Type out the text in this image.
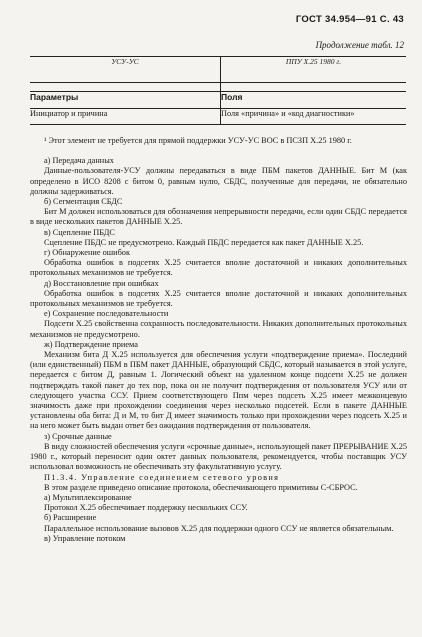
ГОСТ 34.954—91 С. 43
Продолжение табл. 12
УСУ-УС	ППУ Х.25 1980 г.

Параметры	Поля
Инициатор и причина	Поля «причина» и «код диагностики»

¹ Этот элемент не требуется для прямой поддержки УСУ-УС ВОС в ПСЗП Х.25 1980 г.

а) Передача данных

Данные-пользователя-УСУ должны передаваться в виде ПБМ пакетов ДАННЫЕ. Бит М (как определено в ИСО 8208 с битом 0, равным нулю, СБДС, полученные для передачи, не обязательно должны задерживаться.

б) Сегментация СБДС

Бит М должен использоваться для обозначения непрерывности передачи, если один СБДС передается в виде нескольких пакетов ДАННЫЕ Х.25.

в) Сцепление ПБДС

Сцепление ПБДС не предусмотрено. Каждый ПБДС передается как пакет ДАННЫЕ Х.25.

г) Обнаружение ошибок

Обработка ошибок в подсетях Х.25 считается вполне достаточной и никаких дополнительных протокольных механизмов не требуется.

д) Восстановление при ошибках

Обработка ошибок в подсетях Х.25 считается вполне достаточной и никаких дополнительных протокольных механизмов не требуется.

е) Сохранение последовательности

Подсети Х.25 свойственна сохранность последовательности. Никаких дополнительных протокольных механизмов не предусмотрено.

ж) Подтверждение приема

Механизм бита Д Х.25 используется для обеспечения услуги «подтверждение приема». Последний (или единственный) ПБМ в ПБМ пакет ДАННЫЕ, образующий СБДС, который называется в этой услуге, передается с битом Д, равным 1. Логический объект на удаленном конце подсети Х.25 не должен подтверждать такой пакет до тех пор, пока он не получит подтверждения от пользователя УСУ или от следующего участка ССУ. Прием соответствующего Ппм через подсеть Х.25 имеет межконцевую значимость даже при прохождении соединения через несколько подсетей. Если в пакете ДАННЫЕ установлены оба бита: Д и М, то бит Д имеет значимость только при прохождении через подсеть Х.25 и на него может быть выдан ответ без ожидания подтверждения от пользователя.

з) Срочные данные

В виду сложностей обеспечения услуги «срочные данные», использующей пакет ПРЕРЫВАНИЕ Х.25 1980 г., который переносит один октет данных пользователя, рекомендуется, чтобы поставщик УСУ использовал возможность не обеспечивать эту факультативную услугу.

П1.3.4. Управление соединением сетевого уровня

В этом разделе приведено описание протокола, обеспечивающего примитивы С-СБРОС.

а) Мультиплексирование

Протокол Х.25 обеспечивает поддержку нескольких ССУ.

б) Расширение

Параллельное использование вызовов Х.25 для поддержки одного ССУ не является обязательным.

в) Управление потоком
